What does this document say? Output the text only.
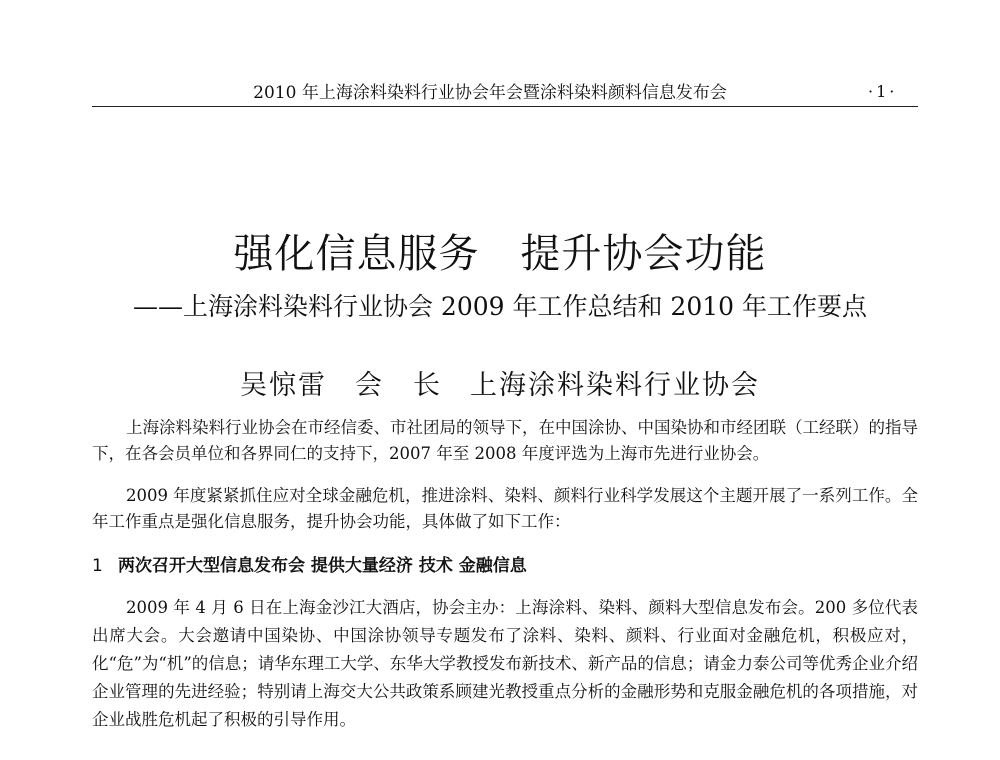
2010 年上海涂料染料行业协会年会暨涂料染料颜料信息发布会	·1·
强化信息服务　提升协会功能
——上海涂料染料行业协会 2009 年工作总结和 2010 年工作要点
吴惊雷 会　长 上海涂料染料行业协会
上海涂料染料行业协会在市经信委、市社团局的领导下，在中国涂协、中国染协和市经团联（工经联）的指导下，在各会员单位和各界同仁的支持下，2007 年至 2008 年度评选为上海市先进行业协会。
2009 年度紧紧抓住应对全球金融危机，推进涂料、染料、颜料行业科学发展这个主题开展了一系列工作。全年工作重点是强化信息服务，提升协会功能，具体做了如下工作：
1 两次召开大型信息发布会 提供大量经济 技术 金融信息
2009 年 4 月 6 日在上海金沙江大酒店，协会主办：上海涂料、染料、颜料大型信息发布会。200 多位代表出席大会。大会邀请中国染协、中国涂协领导专题发布了涂料、染料、颜料、行业面对金融危机，积极应对，化“危”为“机”的信息；请华东理工大学、东华大学教授发布新技术、新产品的信息；请金力泰公司等优秀企业介绍企业管理的先进经验；特别请上海交大公共政策系顾建光教授重点分析的金融形势和克服金融危机的各项措施，对企业战胜危机起了积极的引导作用。
